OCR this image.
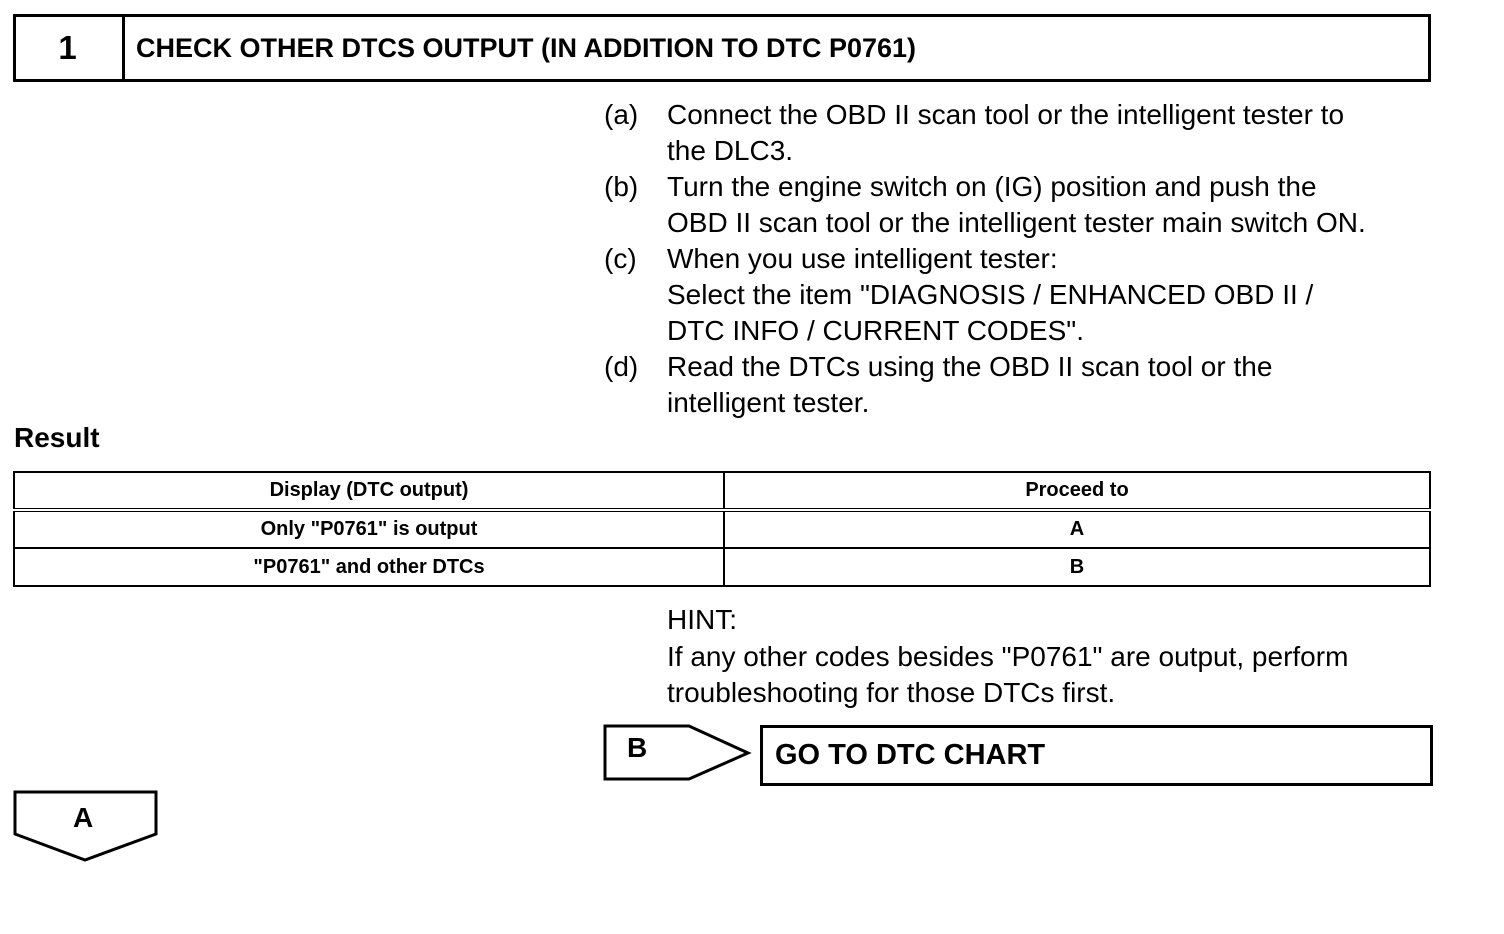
1	CHECK OTHER DTCS OUTPUT (IN ADDITION TO DTC P0761)
(a) Connect the OBD II scan tool or the intelligent tester to
the DLC3.
(b) Turn the engine switch on (IG) position and push the
OBD II scan tool or the intelligent tester main switch ON.
(c) When you use intelligent tester:
Select the item "DIAGNOSIS / ENHANCED OBD II /
DTC INFO / CURRENT CODES".
(d) Read the DTCs using the OBD II scan tool or the
intelligent tester.
Result
Display (DTC output)	Proceed to
Only "P0761" is output	A
"P0761" and other DTCs	B
HINT:
If any other codes besides "P0761" are output, perform
troubleshooting for those DTCs first.
B	GO TO DTC CHART
A
